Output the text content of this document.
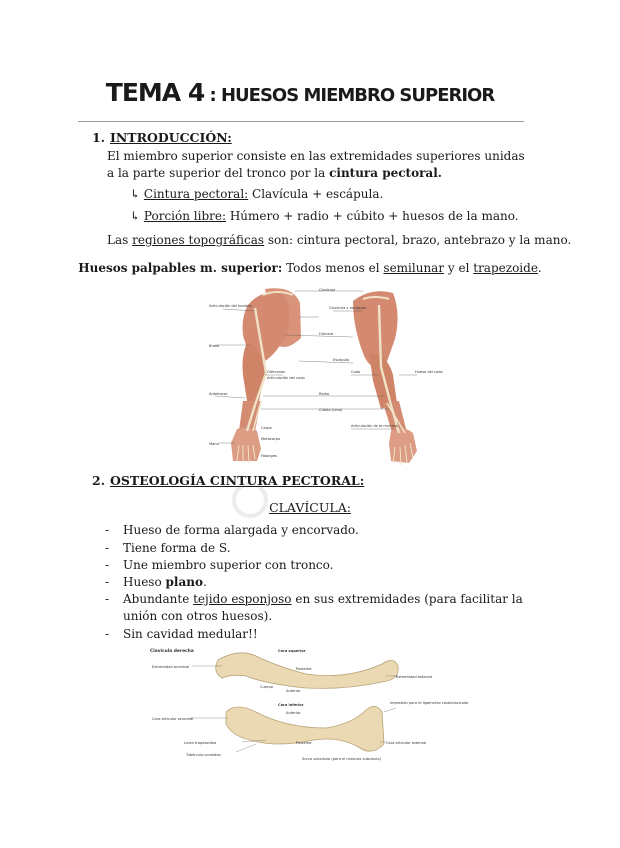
TEMA 4 : HUESOS MIEMBRO SUPERIOR
1. INTRODUCCIÓN:
El miembro superior consiste en las extremidades superiores unidas a la parte superior del tronco por la cintura pectoral.
↳ Cintura pectoral: Clavícula + escápula.
↳ Porción libre: Húmero + radio + cúbito + huesos de la mano.
Las regiones topográficas son: cintura pectoral, brazo, antebrazo y la mano.
Huesos palpables m. superior: Todos menos el semilunar y el trapezoide.
Articulación del hombro
Brazo
Antebrazo
Mano
Carpo
Metacarpo
Falanges
Clavícula
Clavícula y escápula
Húmero
Radio
Cúbito (ulna)
Olécranon
Articulación del codo
Escápula
Codo	Hueso del codo
Articulación de la muñeca
2. OSTEOLOGÍA CINTURA PECTORAL:
CLAVÍCULA:
- Hueso de forma alargada y encorvado.
- Tiene forma de S.
- Une miembro superior con tronco.
- Hueso plano.
- Abundante tejido esponjoso en sus extremidades (para facilitar la unión con otros huesos).
- Sin cavidad medular!!
Clavícula derecha	Cara superior
Extremidad acromial	Posterior
Cuerpo
Anterior
Extremidad esternal
Cara inferior
Cara articular acromial
Anterior
Impresión para el ligamento costoclavicular
Línea trapezoidea
Tubérculo conoideo
Posterior
Surco subclavio (para el músculo subclavio)
Cara articular esternal
